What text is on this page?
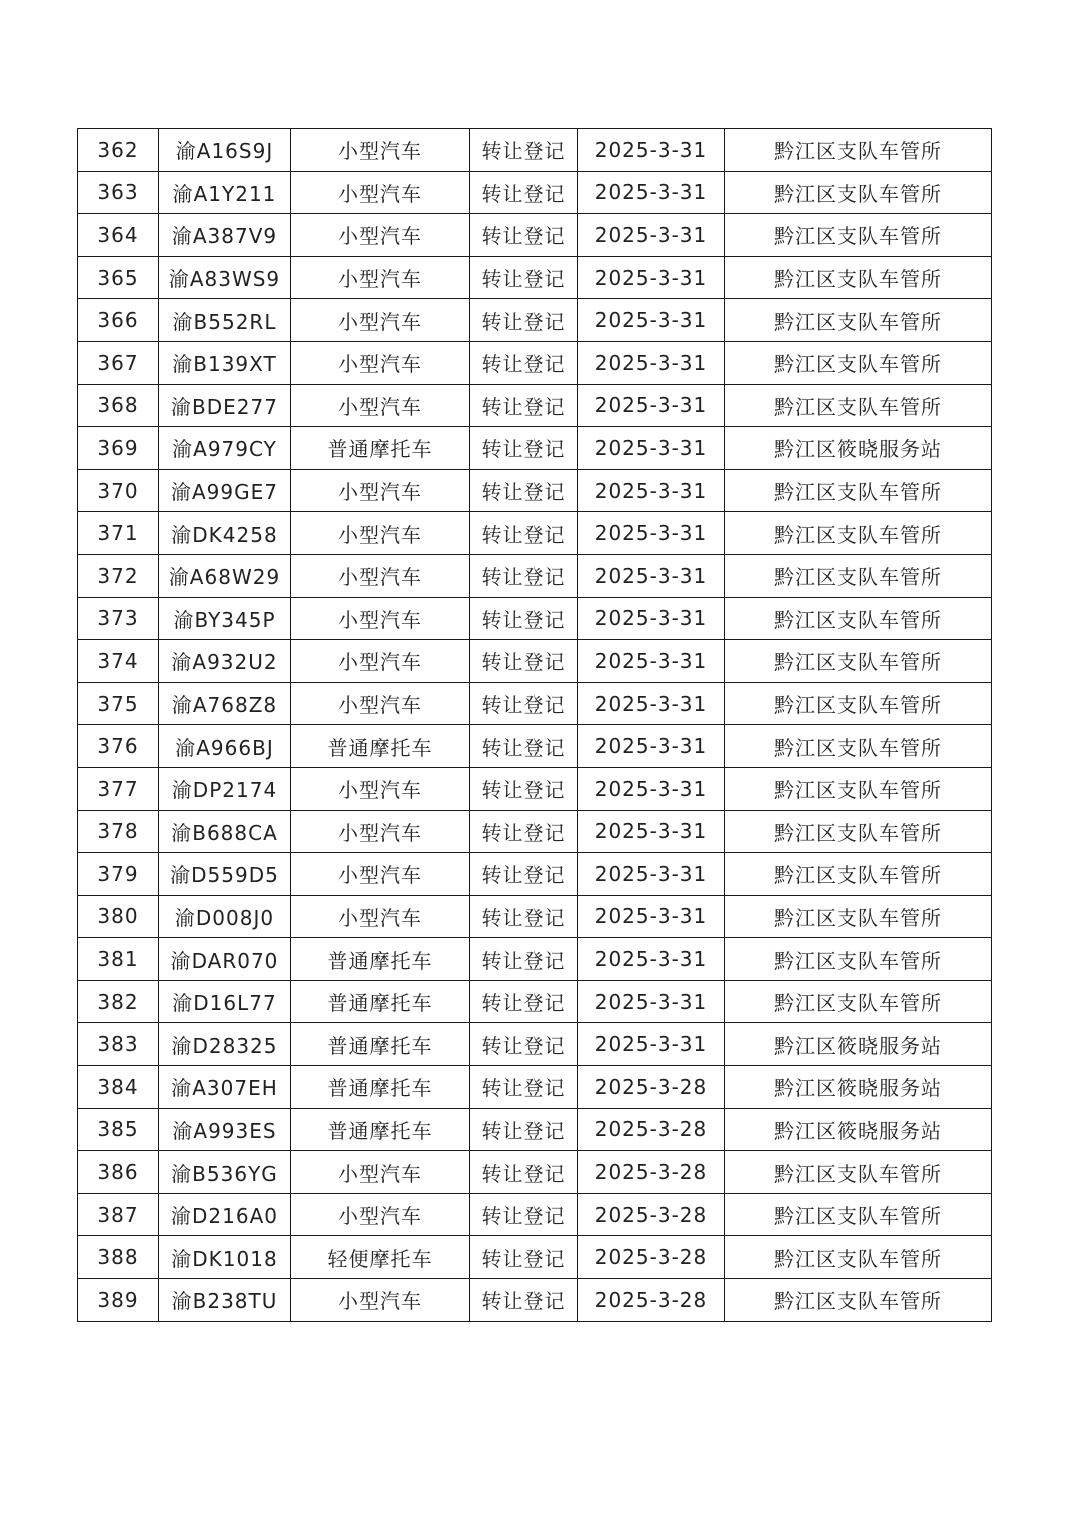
362	渝A16S9J	小型汽车	转让登记	2025-3-31	黔江区支队车管所
363	渝A1Y211	小型汽车	转让登记	2025-3-31	黔江区支队车管所
364	渝A387V9	小型汽车	转让登记	2025-3-31	黔江区支队车管所
365	渝A83WS9	小型汽车	转让登记	2025-3-31	黔江区支队车管所
366	渝B552RL	小型汽车	转让登记	2025-3-31	黔江区支队车管所
367	渝B139XT	小型汽车	转让登记	2025-3-31	黔江区支队车管所
368	渝BDE277	小型汽车	转让登记	2025-3-31	黔江区支队车管所
369	渝A979CY	普通摩托车	转让登记	2025-3-31	黔江区筱晓服务站
370	渝A99GE7	小型汽车	转让登记	2025-3-31	黔江区支队车管所
371	渝DK4258	小型汽车	转让登记	2025-3-31	黔江区支队车管所
372	渝A68W29	小型汽车	转让登记	2025-3-31	黔江区支队车管所
373	渝BY345P	小型汽车	转让登记	2025-3-31	黔江区支队车管所
374	渝A932U2	小型汽车	转让登记	2025-3-31	黔江区支队车管所
375	渝A768Z8	小型汽车	转让登记	2025-3-31	黔江区支队车管所
376	渝A966BJ	普通摩托车	转让登记	2025-3-31	黔江区支队车管所
377	渝DP2174	小型汽车	转让登记	2025-3-31	黔江区支队车管所
378	渝B688CA	小型汽车	转让登记	2025-3-31	黔江区支队车管所
379	渝D559D5	小型汽车	转让登记	2025-3-31	黔江区支队车管所
380	渝D008J0	小型汽车	转让登记	2025-3-31	黔江区支队车管所
381	渝DAR070	普通摩托车	转让登记	2025-3-31	黔江区支队车管所
382	渝D16L77	普通摩托车	转让登记	2025-3-31	黔江区支队车管所
383	渝D28325	普通摩托车	转让登记	2025-3-31	黔江区筱晓服务站
384	渝A307EH	普通摩托车	转让登记	2025-3-28	黔江区筱晓服务站
385	渝A993ES	普通摩托车	转让登记	2025-3-28	黔江区筱晓服务站
386	渝B536YG	小型汽车	转让登记	2025-3-28	黔江区支队车管所
387	渝D216A0	小型汽车	转让登记	2025-3-28	黔江区支队车管所
388	渝DK1018	轻便摩托车	转让登记	2025-3-28	黔江区支队车管所
389	渝B238TU	小型汽车	转让登记	2025-3-28	黔江区支队车管所
